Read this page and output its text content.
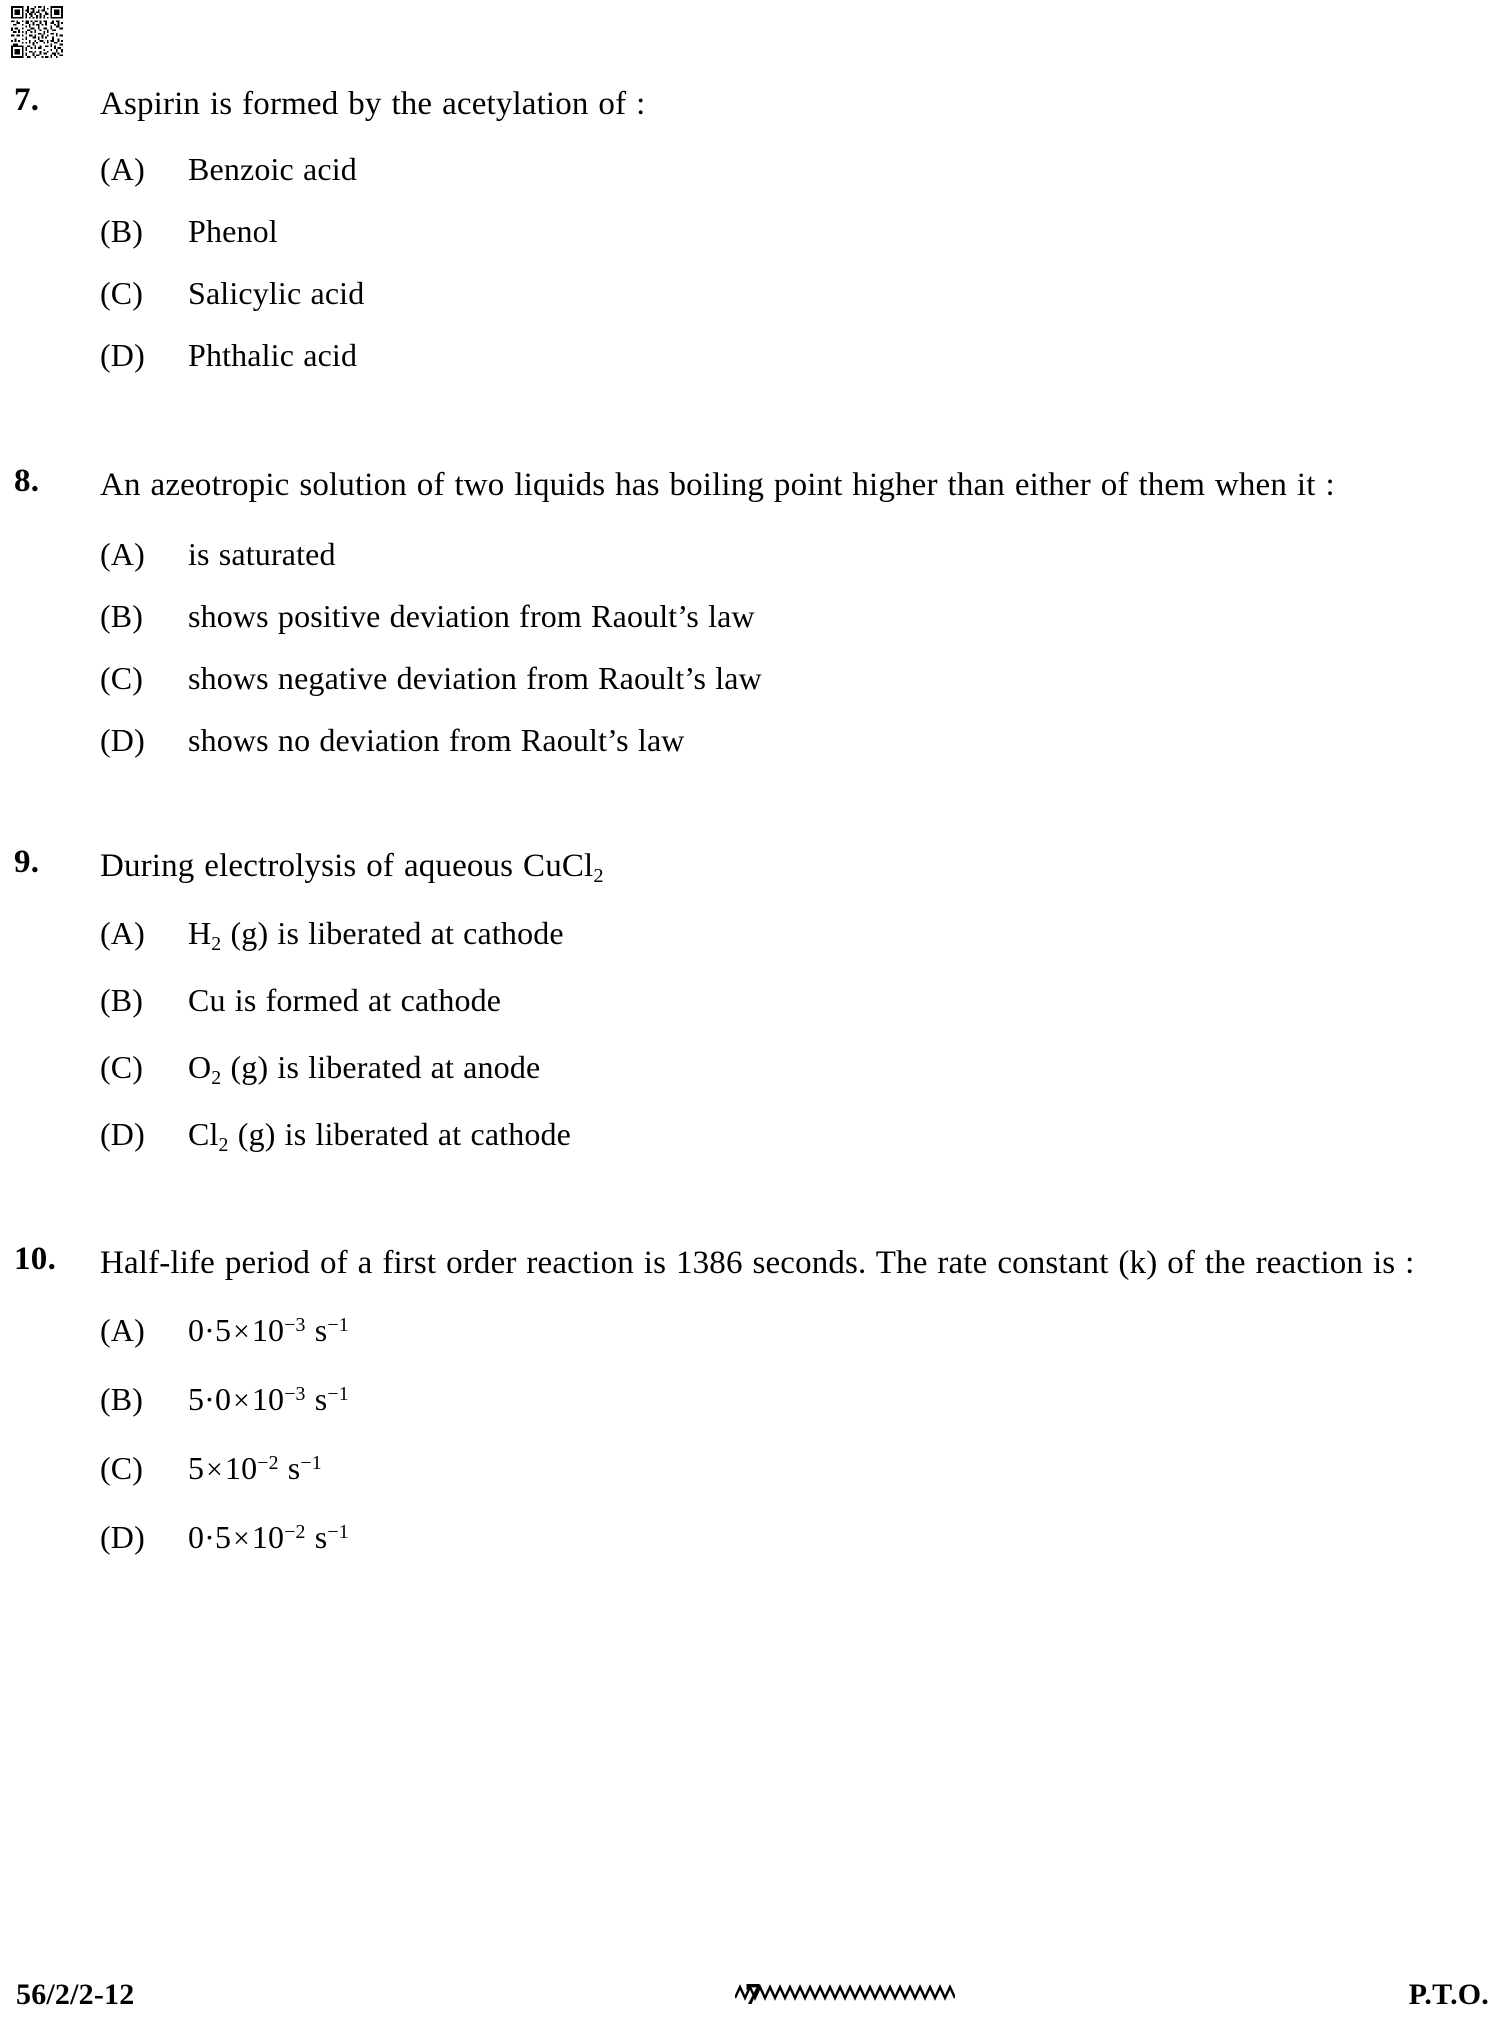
7. Aspirin is formed by the acetylation of :
(A) Benzoic acid
(B) Phenol
(C) Salicylic acid
(D) Phthalic acid
8. An azeotropic solution of two liquids has boiling point higher than either of them when it :
(A) is saturated
(B) shows positive deviation from Raoult’s law
(C) shows negative deviation from Raoult’s law
(D) shows no deviation from Raoult’s law
9. During electrolysis of aqueous CuCl$_2$
(A) $H_2$ (g) is liberated at cathode
(B) Cu is formed at cathode
(C) $O_2$ (g) is liberated at anode
(D) $Cl_2$ (g) is liberated at cathode
10. Half-life period of a first order reaction is 1386 seconds. The rate constant (k) of the reaction is :
(A) $0\cdot 5\times 10^{-3}$ $s^{-1}$
(B) $5\cdot 0\times 10^{-3}$ $s^{-1}$
(C) $5\times 10^{-2}$ $s^{-1}$
(D) $0\cdot 5\times 10^{-2}$ $s^{-1}$
56/2/2-12	7	P.T.O.
